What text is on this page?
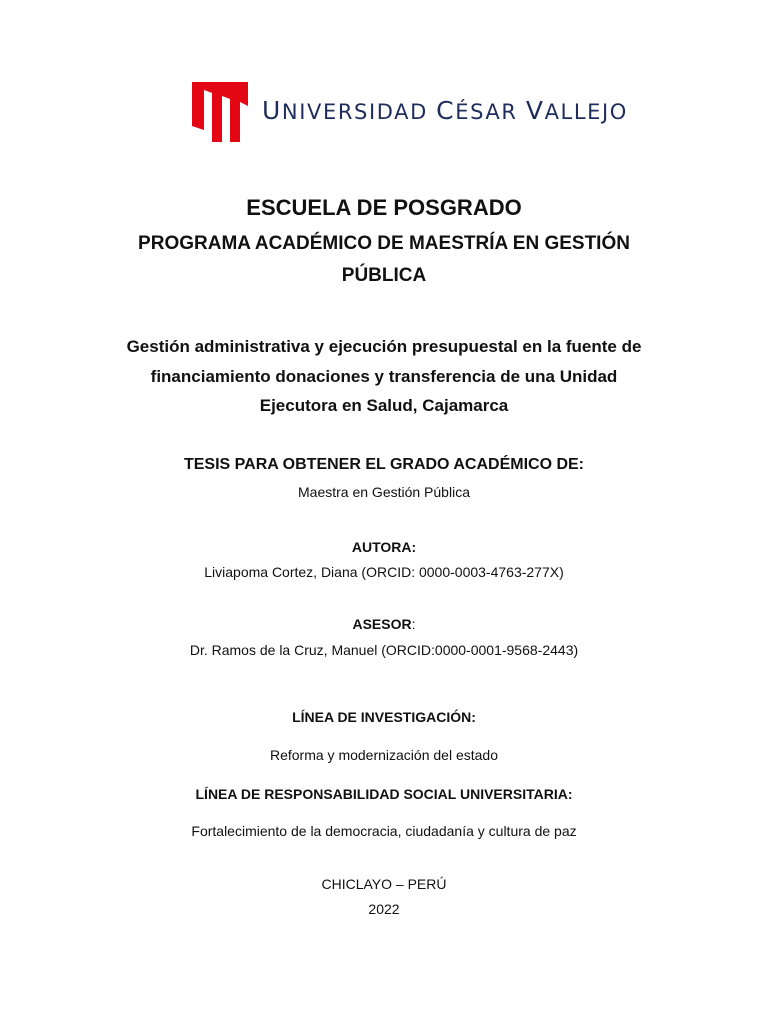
UNIVERSIDAD CÉSAR VALLEJO
ESCUELA DE POSGRADO
PROGRAMA ACADÉMICO DE MAESTRÍA EN GESTIÓN
PÚBLICA
Gestión administrativa y ejecución presupuestal en la fuente de
financiamiento donaciones y transferencia de una Unidad
Ejecutora en Salud, Cajamarca
TESIS PARA OBTENER EL GRADO ACADÉMICO DE:
Maestra en Gestión Pública
AUTORA:
Liviapoma Cortez, Diana (ORCID: 0000-0003-4763-277X)
ASESOR:
Dr. Ramos de la Cruz, Manuel (ORCID:0000-0001-9568-2443)
LÍNEA DE INVESTIGACIÓN:
Reforma y modernización del estado
LÍNEA DE RESPONSABILIDAD SOCIAL UNIVERSITARIA:
Fortalecimiento de la democracia, ciudadanía y cultura de paz
CHICLAYO – PERÚ
2022
